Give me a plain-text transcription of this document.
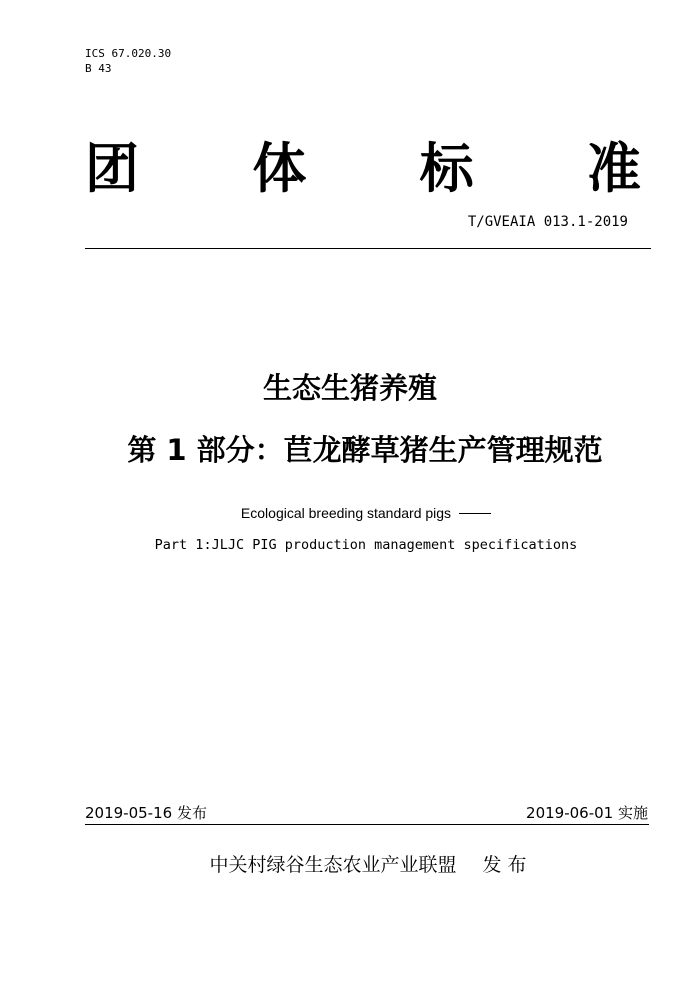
ICS 67.020.30
B 43
团 体 标 准
T/GVEAIA 013.1-2019
生态生猪养殖
第 1 部分：苣龙酵草猪生产管理规范
Ecological breeding standard pigs
Part 1:JLJC PIG production management specifications
2019-05-16 发布	2019-06-01 实施
中关村绿谷生态农业产业联盟 发 布
